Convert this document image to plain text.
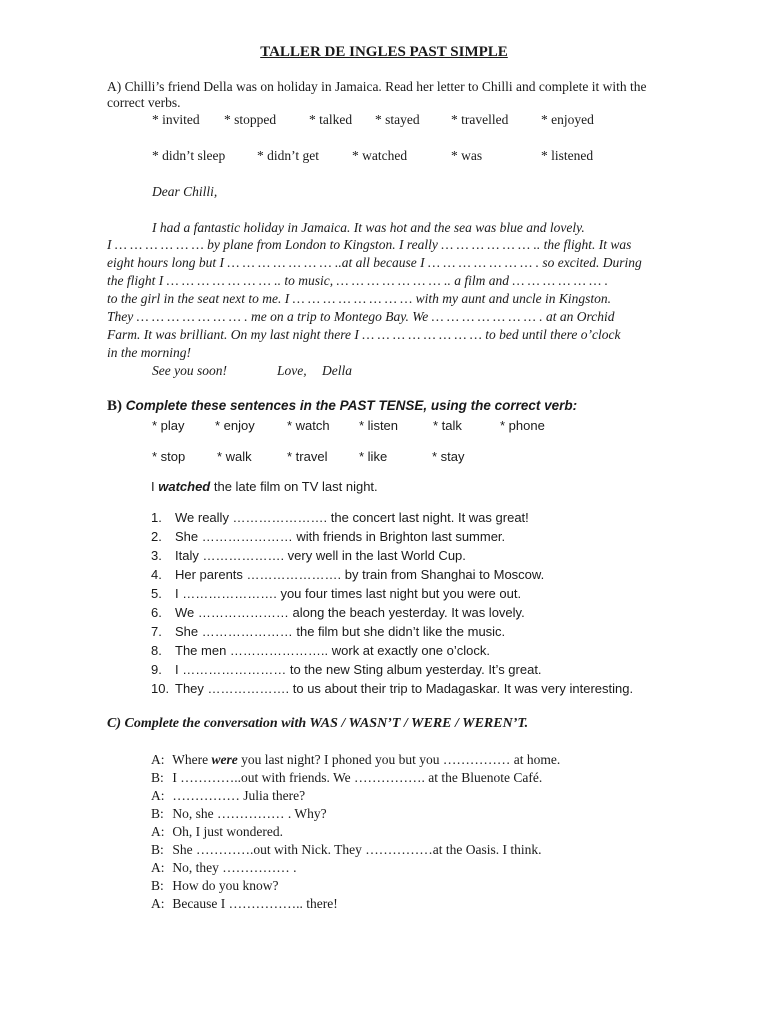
TALLER DE INGLES PAST SIMPLE
A) Chilli’s friend Della was on holiday in Jamaica. Read her letter to Chilli and complete it with the correct verbs.
* invited * stopped * talked * stayed * travelled * enjoyed
* didn’t sleep * didn’t get * watched	* was	* listened
Dear Chilli,
I had a fantastic holiday in Jamaica. It was hot and the sea was blue and lovely.
I … … … … … … by plane from London to Kingston. I really … … … … … … .. the flight. It was
eight hours long but I … … … … … … … ..at all because I … … … … … … … . so excited. During
the flight I … … … … … … … .. to music, … … … … … … … .. a film and … … … … … … .
to the girl in the seat next to me. I … … … … … … … … with my aunt and uncle in Kingston.
They … … … … … … … . me on a trip to Montego Bay. We … … … … … … … . at an Orchid
Farm. It was brilliant. On my last night there I … … … … … … … … to bed until there o’clock
in the morning!
See you soon!	Love, Della
B) Complete these sentences in the PAST TENSE, using the correct verb:
* play * enjoy * watch * listen	* talk	* phone
* stop * walk	* travel * like	* stay
I watched the late film on TV last night.
1. We really …………………. the concert last night. It was great!
2. She ………………… with friends in Brighton last summer.
3. Italy ………………. very well in the last World Cup.
4. Her parents …………………. by train from Shanghai to Moscow.
5. I …………………. you four times last night but you were out.
6. We ………………… along the beach yesterday. It was lovely.
7. She ………………… the film but she didn’t like the music.
8. The men ………………….. work at exactly one o’clock.
9. I …………………… to the new Sting album yesterday. It’s great.
10. They ………………. to us about their trip to Madagaskar. It was very interesting.
C) Complete the conversation with WAS / WASN’T / WERE / WEREN’T.
A: Where were you last night? I phoned you but you …………… at home.
B: I …………..out with friends. We ……………. at the Bluenote Café.
A: …………… Julia there?
B: No, she …………… . Why?
A: Oh, I just wondered.
B: She ………….out with Nick. They ……………at the Oasis. I think.
A: No, they …………… .
B: How do you know?
A: Because I …………….. there!
